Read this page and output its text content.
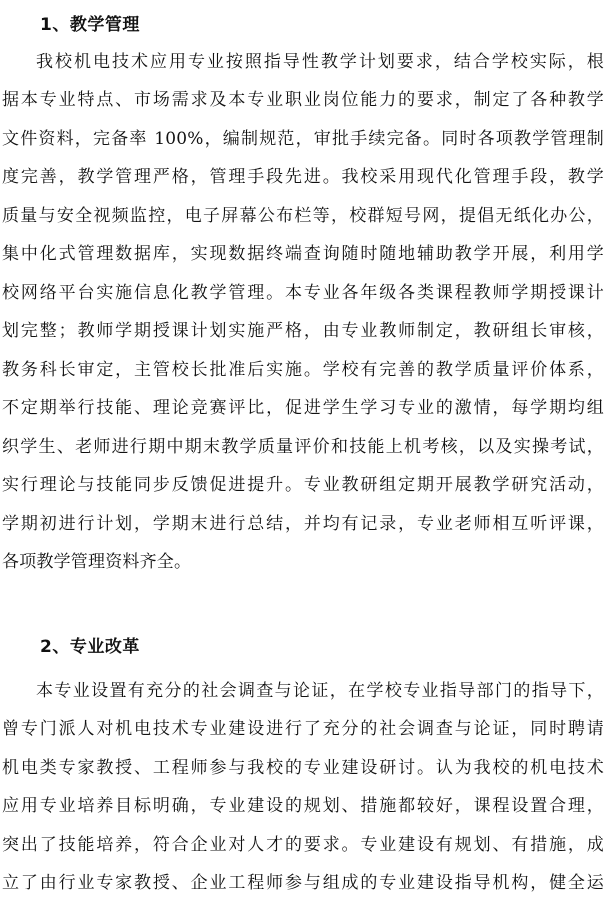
1、教学管理
我校机电技术应用专业按照指导性教学计划要求，结合学校实际，根
据本专业特点、市场需求及本专业职业岗位能力的要求，制定了各种教学
文件资料，完备率 100%，编制规范，审批手续完备。同时各项教学管理制
度完善，教学管理严格，管理手段先进。我校采用现代化管理手段，教学
质量与安全视频监控，电子屏幕公布栏等，校群短号网，提倡无纸化办公，
集中化式管理数据库，实现数据终端查询随时随地辅助教学开展，利用学
校网络平台实施信息化教学管理。本专业各年级各类课程教师学期授课计
划完整；教师学期授课计划实施严格，由专业教师制定，教研组长审核，
教务科长审定，主管校长批准后实施。学校有完善的教学质量评价体系，
不定期举行技能、理论竞赛评比，促进学生学习专业的激情，每学期均组
织学生、老师进行期中期末教学质量评价和技能上机考核，以及实操考试，
实行理论与技能同步反馈促进提升。专业教研组定期开展教学研究活动，
学期初进行计划，学期末进行总结，并均有记录，专业老师相互听评课，
各项教学管理资料齐全。
2、专业改革
本专业设置有充分的社会调查与论证，在学校专业指导部门的指导下，
曾专门派人对机电技术专业建设进行了充分的社会调查与论证，同时聘请
机电类专家教授、工程师参与我校的专业建设研讨。认为我校的机电技术
应用专业培养目标明确，专业建设的规划、措施都较好，课程设置合理，
突出了技能培养，符合企业对人才的要求。专业建设有规划、有措施，成
立了由行业专家教授、企业工程师参与组成的专业建设指导机构，健全运
